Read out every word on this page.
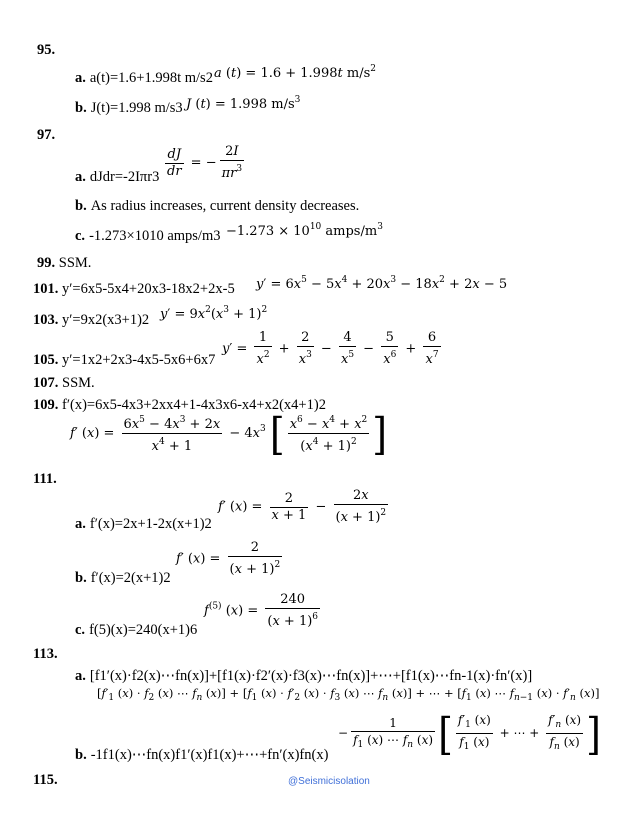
95.
a. a(t)=1.6+1.998t m/s2 a (t) = 1.6 + 1.998t $m/s^2$
b. J(t)=1.998 m/s3 J (t) = 1.998 $m/s^3$
97.
$\frac{dJ}{dr}$ = − $\frac{2I}{\pi r^3}$
a. dJdr=-2Iπr3
b. As radius increases, current density decreases.
c. -1.273×1010 amps/m3 $-1.273 \times 10^{10}$ amps/$m^3$
99. SSM.
101. y′=6x5-5x4+20x3-18x2+2x-5 $y' = 6x^5 - 5x^4 + 20x^3 - 18x^2 + 2x - 5$
103. y′=9x2(x3+1)2 $y' = 9x^2(x^3 + 1)^2$
$y' = \frac{1}{x^2} + \frac{2}{x^3} - \frac{4}{x^5} - \frac{5}{x^6} + \frac{6}{x^7}$
105. y′=1x2+2x3-4x5-5x6+6x7
107. SSM.
109. f′(x)=6x5-4x3+2xx4+1-4x3x6-x4+x2(x4+1)2
f′ $(x) = \frac{6x^5 - 4x^3 + 2x}{x^4 + 1} - 4x^3$ [ $\frac{x^6 - x^4 + x^2}{(x^4 + 1)^2}$ ]
111.
f′ $(x) = \frac{2}{x + 1} - \frac{2x}{(x + 1)^2}$
a. f′(x)=2x+1-2x(x+1)2
f′ $(x) = \frac{2}{(x + 1)^2}$
b. f′(x)=2(x+1)2
$f^{(5)}$ $(x) = \frac{240}{(x + 1)^6}$
c. f(5)(x)=240(x+1)6
113.
a. [f1′(x)·f2(x)⋯fn(x)]+[f1(x)·f2′(x)·f3(x)⋯fn(x)]+⋯+[f1(x)⋯fn-1(x)·fn′(x)]
[$f'_1$ $(x) \cdot f_2$ (x) ⋯ $f_n$ $(x)] + [f_1$ $(x) \cdot f'_2$ $(x) \cdot f_3$ (x) ⋯ $f_n$ (x)] + ⋯ + [$f_1$ (x) ⋯ $f_{n-1}$ $(x) \cdot f'_n$ (x)]
− $\frac{1}{f_1 (x) \cdots f_n (x)}$ [ $\frac{f'_1 (x)}{f_1 (x)}$ + ⋯ + $\frac{f'_n (x)}{f_n (x)}$ ]
b. -1f1(x)⋯fn(x)f1′(x)f1(x)+⋯+fn′(x)fn(x)
115.	@Seismicisolation
